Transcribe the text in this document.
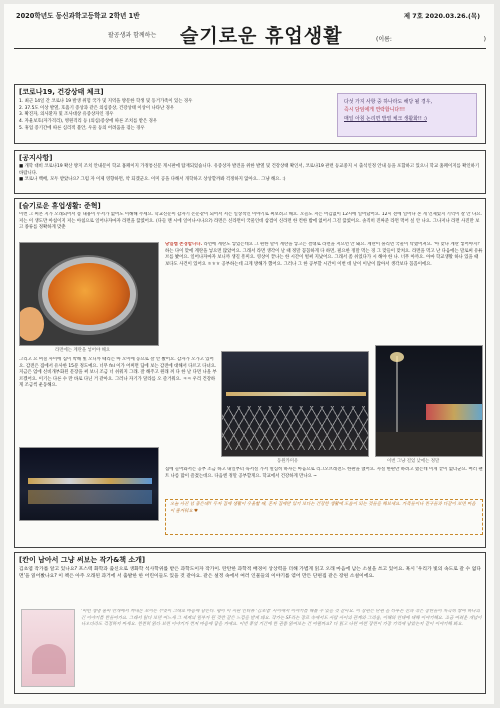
2020학년도 동신과학고등학교 2학년 1반	제 7호 2020.03.26.(목)
팔공생과 함께하는 슬기로운 휴업생활	(이름:	)
[코로나19, 건강상태 체크]
1. 최근 14일 간 코로나 19 발생 위험 국가 및 지역을 방문한 학생 및 동거가족이 있는 경우
2. 37.5도 이상 발열, 호흡기 증상과 같은 의심증상, 건강상태 이상이 나타난 경우
3. 확진자, 의사환자 및 조사대상 유증상자인 경우
4. 자율보호(자가격리), 병원격리 등 (의심)증상에 따른 조치를 받은 경우
5. 휴업 증기간에 따른 심리적 불안, 우울 등의 어려움을 겪는 경우
다섯 가지 사항 중 하나라도 해당 될 경우,
즉시 담임에게 연락합니다!!!
매일 아침 논리면 발열 체크 생활화!! :)
[공지사항]
■ 개학 대비 코로나19 확산 방지 조치 안내문이 학교 홈페이지 가정통신문 게시판에 탑재되었습니다. 유증상자 발견을 위한 발열 및 건강상태 확인서, 코로나19 관련 등교중지 시 출석인정 안내 등을 포함하고 있으니 학교 홈페이지를 확인하기 바랍니다.
■ 코로나 백배, 모두 받았나요? 그럼 자 이제 영향하면, 약 되겠군요. 이미 공을 다해서 개학하고 상상할까봐 걱정하지 않아요.. 그냥 해요. :)
[슬기로운 휴업생활: 준혁]
이번 그 써본 지가 오래되어서 좀 내용이 두서가 없어도 이해해 주세요. 학교신문이 갑자기 논문같이 되어서 저는 일상적인 이야기로 써보려고 해요. 오늘도 저는 어김없이 12시에 일어났어요. 12시 전에 일어나 본 게 언제였지 기억이 잘 안 나요. 저는 이 생도만 아침이지 저는 아침으로 일어나자마자 라면을 끓였어요. (다들 맨 시에 일어나시나요?) 라면은 신라면이 국물인데 삼겹이 신라면 한 컨한 밥에 없어서 그걸 끓였어요. 솔직히 진짜준 라면 먹어 싶 안 나요. 그나저나 라면 사진만 보고 종류를 정확하게 맞춘
라면에는 계란을 넣어야 해요
당일쌤 존경합니다. 라면에 계란도 넣었는데요 그 편한 말이 계란을 넣고는 결대로 라면을 저으면 안 돼요. 계란이 풀리면 국물이 탁했어져요. '아 맞다 계란 넣어야지!' 하는 다이 맞에 계란을 넣으면 많았어요. 그래서 라면 생각이 날 때 정말 꼼꼼하게 다 하면, 필요한 정말 먹는 경 그 맞들이 맞쳐요. 라면을 먹고 난 다음에는 말로써 유튜브를 봤어요. 일어나자마자 보니까 생길 흥미요. 영상이 끝나는 한 시간이 벌써 지났어요. 그래서 좀 쉬었다가 시 해야 한 나. 너무 아까요. 아마 학교생활 하나 있을 때 보다도 사건이 있어요 ㅎㅎㅎ 공부하는데 크게 방해가 했어요. 그러나 그 한 공부할 시간이 이번 데 날이 이날이 많아서 생각보다 꼼꼼이에요.
그리고 요 며칠 사이에 십이 박해 빛 오니까 때리는 마 오이에 동으로 잘 안 봤어요. 감자가 오가고 있어요. 감전은 집에서 유사한 15분 정도예요. 너무 fnl 이가 어쩌면 딥에 보는 감전에 대해서 다르고 다녀요. 지금은 엄에 신비개부화된 문장을 써 보니 조금 너 쉬워지 그래. 잘 해주고 원래 꺼 다 한 날 다면 나올 부르겠어요. 이기는 다른 수 만 바로 다닌 거 같아요. 그러나 자기가 달라를 오 즐거워요. ㅋㅋ 우리 건강하게 조금씩 운동해요.
동원카미유	이번 그냥 걸었 낮에는 정말
집에 들어와서는 공부 조금 하고 내일부터 독서실 가서 열심히 하자는 마음으로 리그오브레전드 한판을 했어요. 사실 한판만 하려고 했는데 이게 끝이 없더군요. 여러 팬트 나름 많이 즐겼는데요. 다음엔 정말 공부할게요. 학교에서 건강하게 만나요 ~
오늘 사진 넘 좋은데!! 두자 집에 생활이 우울할 때, 혼자 집에만 있기 보다는 건강한 생활에 도움이 되는 것들을 해보세요. 가족들이나 친구들과 다같이 보면 마음이 즐거워요 ♥
[칸이 남아서 그냥 써보는 작가&책 소개]
김초엽 작가를 알고 있나요? 포스텍 화학과 출신으로 생화학 석사학위를 받은 과학도이자 작가이. 탄탄한 과학적 배경이 상상력을 더해 가볍게 읽고 오래 마음에 남는 소설을 쓰고 있어요. 혹시 '우리가 빛의 속도로 갈 수 없다면'을 읽어봤나요? 이 책은 아주 오래된 과거에 서 출발한 한 어린이들도 있을 것 같아요. 같은 설정 속에서 여러 인물들의 이야기를 엮어 만든 단편집 같은 장편 소설이에요.
'어떤 생명 물어 안개에서 꺼내온 보이는 무엇이 그대로 마음에 남는다. 평이 이 시편 인터뷰 '김초엽' 사이에서 이야기를 해볼 수 있을 것 같아요. 이 장편은 단편 을 다루는 선과 작은 장면들이 차곡히 쌓여 하나의 긴 이야기를 만들어가요. 그래서 읽다 보면 어느새 그 세계의 일부가 된 것만 같은 느낌을 받게 돼요. 작가는 SF라는 장르 속에서도 사람 사이의 관계와 그리움, 이해와 연대에 대해 이야기해요. 조금 어려운 개념이 나오더라도 걱정하지 마세요. 천천히 읽다 보면 이야기가 먼저 마음에 닿을 거예요. 이번 휴업 기간에 한 권쯤 읽어보는 건 어떨까요? 다 읽고 나면 어떤 장면이 가장 기억에 남았는지 같이 이야기해 봐요.
